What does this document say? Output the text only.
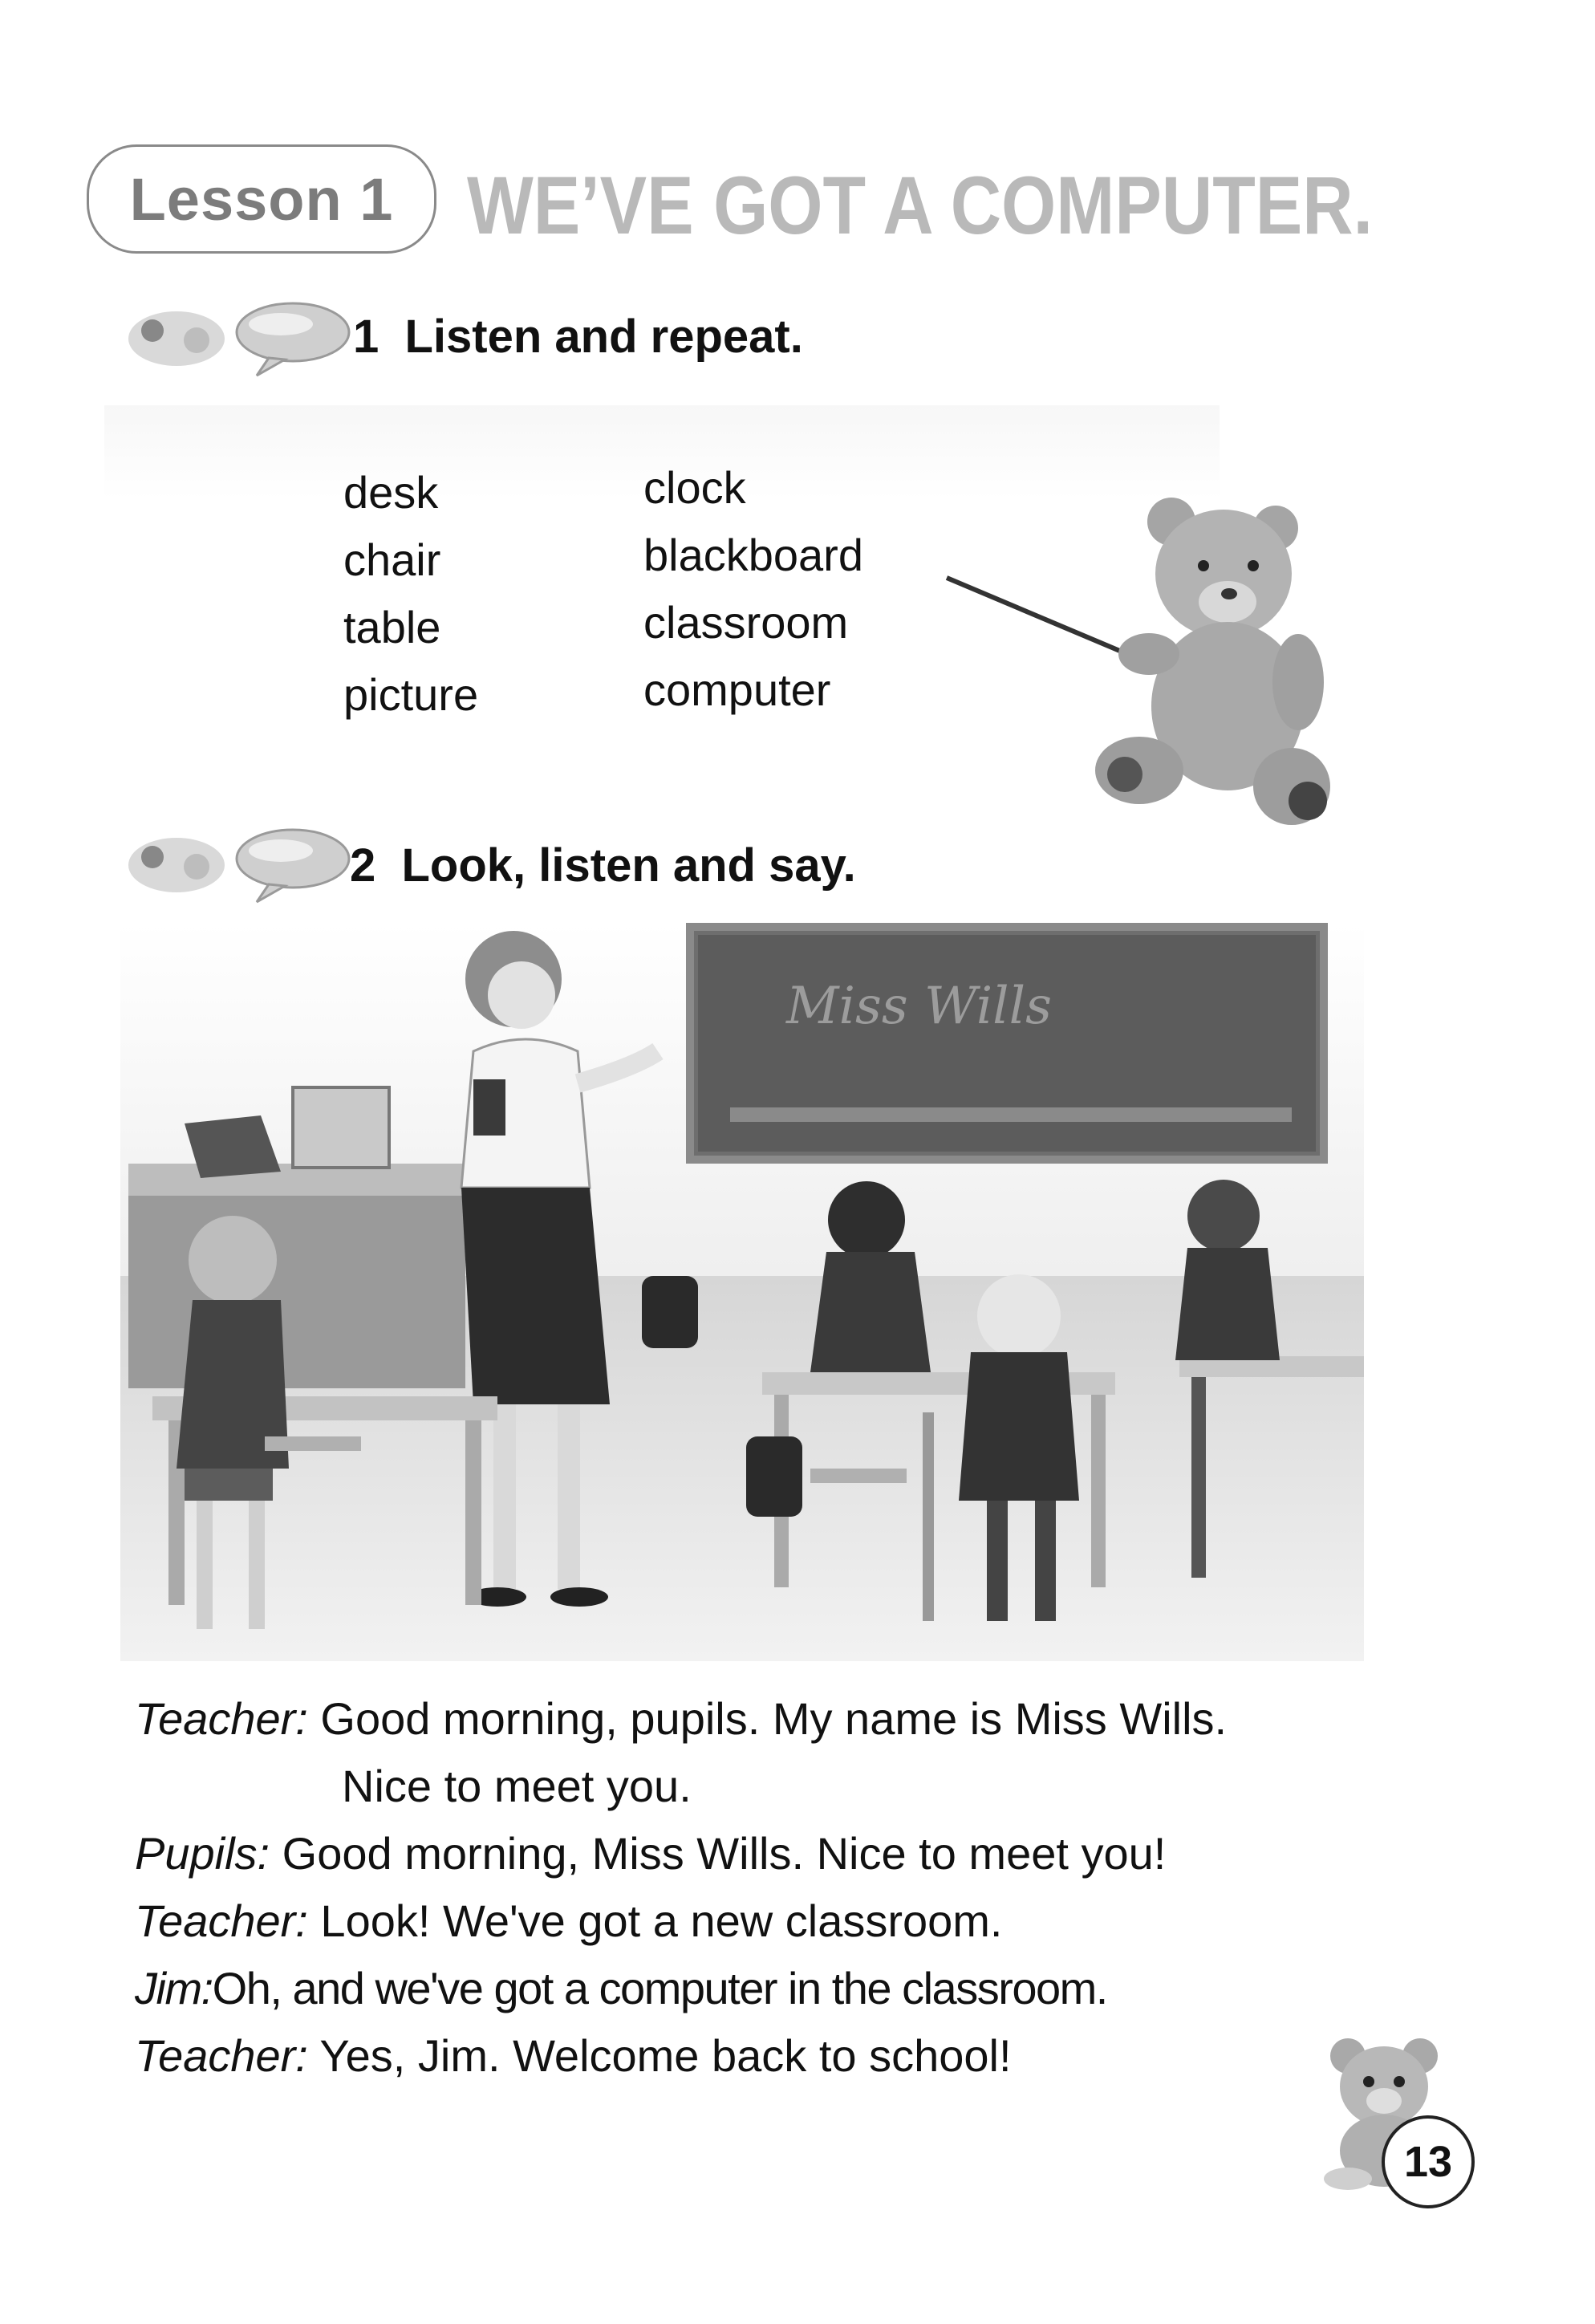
Lesson 1 WE’VE GOT A COMPUTER.
1 Listen and repeat.
desk
chair
table
picture
clock
blackboard
classroom
computer
2 Look, listen and say.
Miss Wills
Teacher: Good morning, pupils. My name is Miss Wills.
Nice to meet you.
Pupils: Good morning, Miss Wills. Nice to meet you!
Teacher: Look! We've got a new classroom.
Jim:Oh, and we've got a computer in the classroom.
Teacher: Yes, Jim. Welcome back to school!
13
